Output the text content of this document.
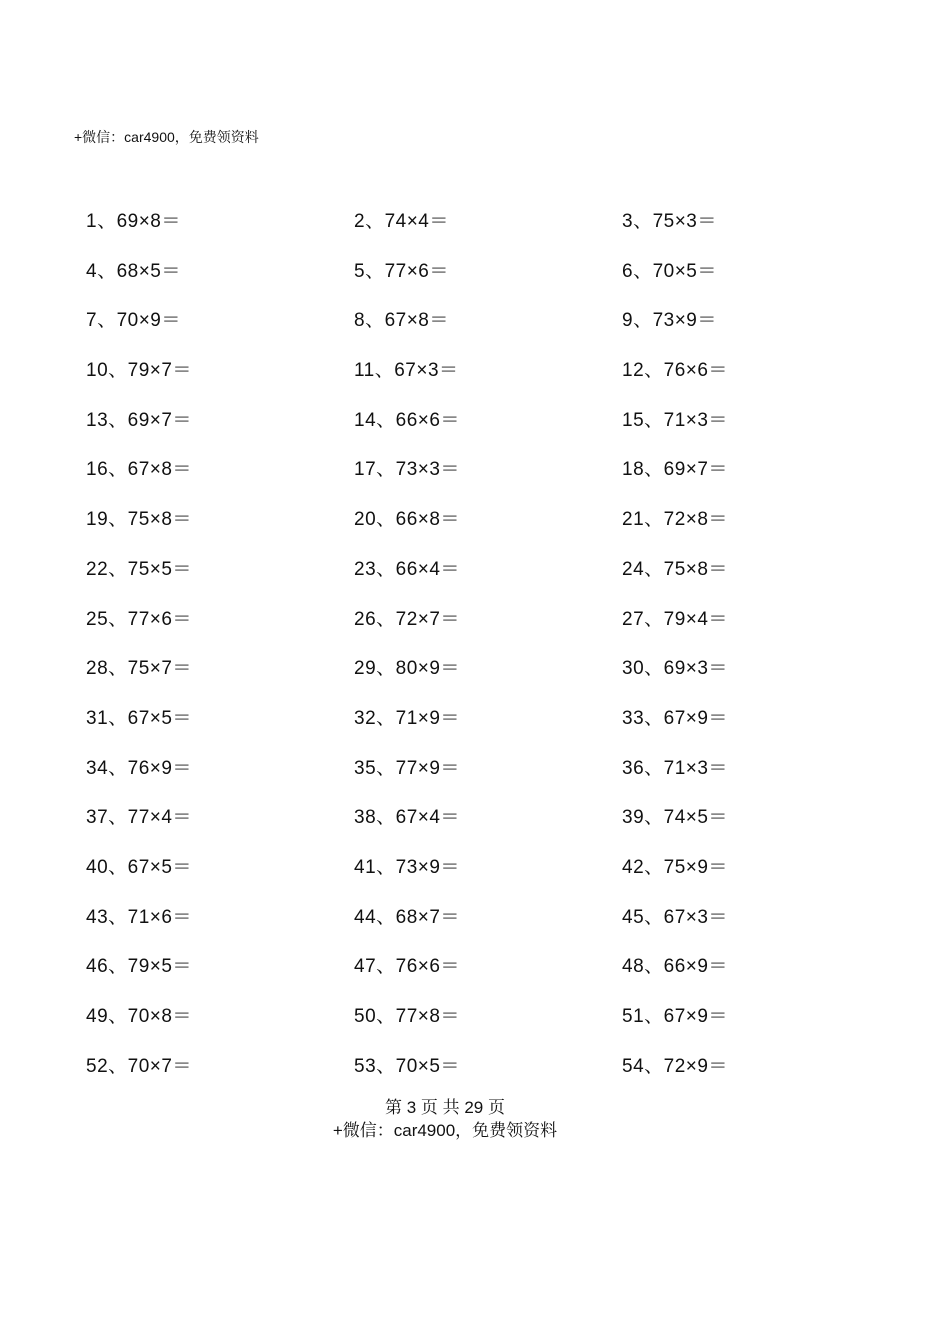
+微信：car4900，免费领资料
1、69×8＝	2、74×4＝	3、75×3＝
4、68×5＝	5、77×6＝	6、70×5＝
7、70×9＝	8、67×8＝	9、73×9＝
10、79×7＝	11、67×3＝	12、76×6＝
13、69×7＝	14、66×6＝	15、71×3＝
16、67×8＝	17、73×3＝	18、69×7＝
19、75×8＝	20、66×8＝	21、72×8＝
22、75×5＝	23、66×4＝	24、75×8＝
25、77×6＝	26、72×7＝	27、79×4＝
28、75×7＝	29、80×9＝	30、69×3＝
31、67×5＝	32、71×9＝	33、67×9＝
34、76×9＝	35、77×9＝	36、71×3＝
37、77×4＝	38、67×4＝	39、74×5＝
40、67×5＝	41、73×9＝	42、75×9＝
43、71×6＝	44、68×7＝	45、67×3＝
46、79×5＝	47、76×6＝	48、66×9＝
49、70×8＝	50、77×8＝	51、67×9＝
52、70×7＝	53、70×5＝	54、72×9＝
第 3 页 共 29 页
+微信：car4900，免费领资料
